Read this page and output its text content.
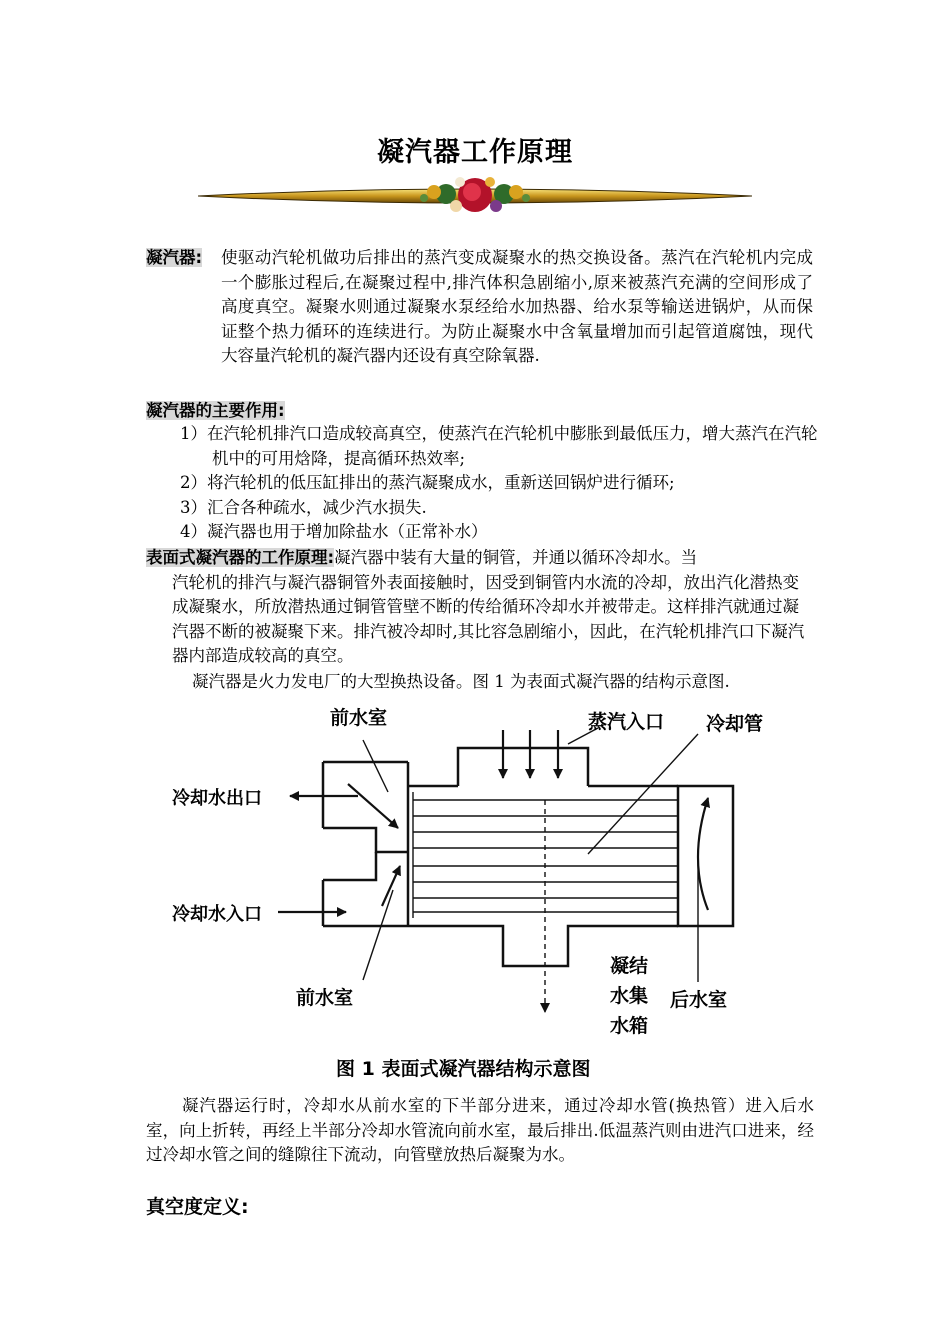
凝汽器工作原理

凝汽器:	使驱动汽轮机做功后排出的蒸汽变成凝聚水的热交换设备。蒸汽在汽轮机内完成一个膨胀过程后,在凝聚过程中,排汽体积急剧缩小,原来被蒸汽充满的空间形成了高度真空。凝聚水则通过凝聚水泵经给水加热器、给水泵等输送进锅炉，从而保证整个热力循环的连续进行。为防止凝聚水中含氧量增加而引起管道腐蚀，现代大容量汽轮机的凝汽器内还设有真空除氧器.

凝汽器的主要作用:

1）在汽轮机排汽口造成较高真空，使蒸汽在汽轮机中膨胀到最低压力，增大蒸汽在汽轮机中的可用焓降，提高循环热效率;
2）将汽轮机的低压缸排出的蒸汽凝聚成水，重新送回锅炉进行循环;
3）汇合各种疏水，减少汽水损失.
4）凝汽器也用于增加除盐水（正常补水）

表面式凝汽器的工作原理:凝汽器中装有大量的铜管，并通以循环冷却水。当
汽轮机的排汽与凝汽器铜管外表面接触时，因受到铜管内水流的冷却，放出汽化潜热变成凝聚水，所放潜热通过铜管管壁不断的传给循环冷却水并被带走。这样排汽就通过凝汽器不断的被凝聚下来。排汽被冷却时,其比容急剧缩小，因此，在汽轮机排汽口下凝汽器内部造成较高的真空。

凝汽器是火力发电厂的大型换热设备。图 1 为表面式凝汽器的结构示意图.

前水室	蒸汽入口 冷却管
冷却水出口
冷却水入口
前水室
凝结
水集
水箱
后水室
图 1 表面式凝汽器结构示意图

凝汽器运行时，冷却水从前水室的下半部分进来，通过冷却水管(换热管）进入后水室，向上折转，再经上半部分冷却水管流向前水室，最后排出.低温蒸汽则由进汽口进来，经过冷却水管之间的缝隙往下流动，向管壁放热后凝聚为水。

真空度定义:
